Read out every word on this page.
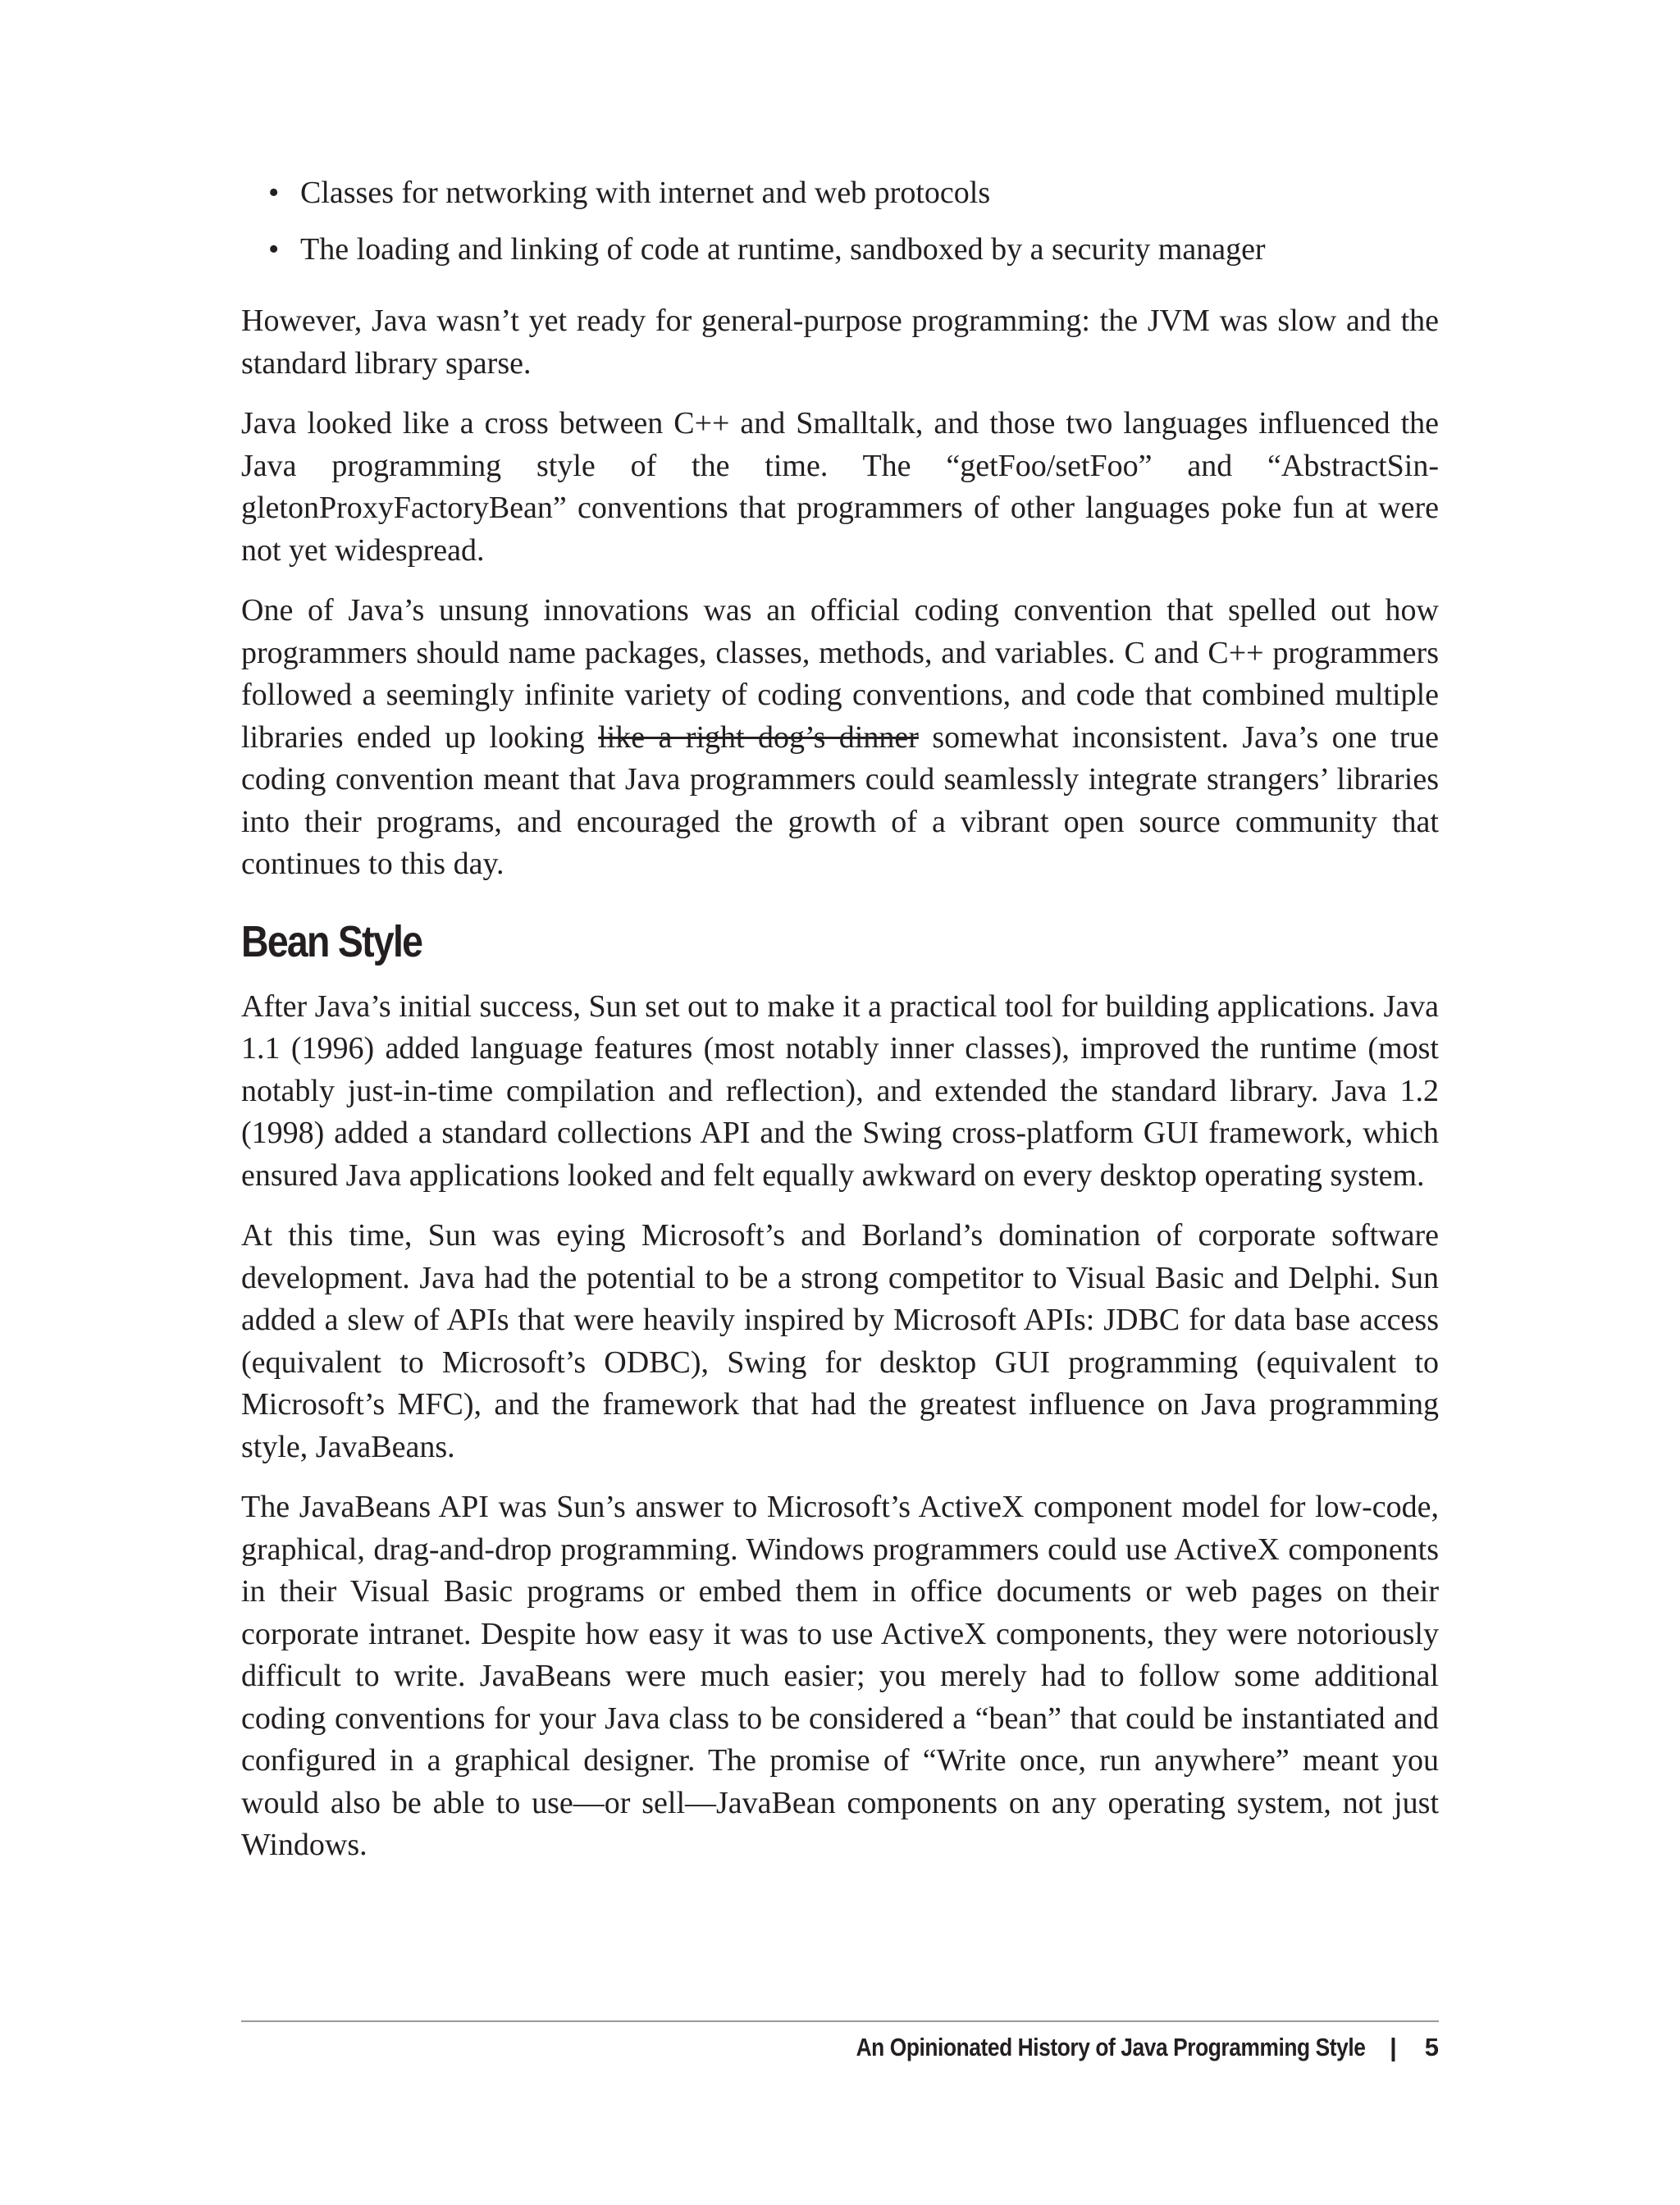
• Classes for networking with internet and web protocols
• The loading and linking of code at runtime, sandboxed by a security manager

However, Java wasn’t yet ready for general-purpose programming: the JVM was slow and the standard library sparse.

Java looked like a cross between C++ and Smalltalk, and those two languages influenced the Java programming style of the time. The “getFoo/setFoo” and “AbstractSingletonProxyFactoryBean” conventions that programmers of other languages poke fun at were not yet widespread.

One of Java’s unsung innovations was an official coding convention that spelled out how programmers should name packages, classes, methods, and variables. C and C++ programmers followed a seemingly infinite variety of coding conventions, and code that combined multiple libraries ended up looking like a right dog’s dinner somewhat inconsistent. Java’s one true coding convention meant that Java programmers could seamlessly integrate strangers’ libraries into their programs, and encouraged the growth of a vibrant open source community that continues to this day.

Bean Style

After Java’s initial success, Sun set out to make it a practical tool for building applications. Java 1.1 (1996) added language features (most notably inner classes), improved the runtime (most notably just-in-time compilation and reflection), and extended the standard library. Java 1.2 (1998) added a standard collections API and the Swing cross-platform GUI framework, which ensured Java applications looked and felt equally awkward on every desktop operating system.

At this time, Sun was eying Microsoft’s and Borland’s domination of corporate software development. Java had the potential to be a strong competitor to Visual Basic and Delphi. Sun added a slew of APIs that were heavily inspired by Microsoft APIs: JDBC for data base access (equivalent to Microsoft’s ODBC), Swing for desktop GUI programming (equivalent to Microsoft’s MFC), and the framework that had the greatest influence on Java programming style, JavaBeans.

The JavaBeans API was Sun’s answer to Microsoft’s ActiveX component model for low-code, graphical, drag-and-drop programming. Windows programmers could use ActiveX components in their Visual Basic programs or embed them in office documents or web pages on their corporate intranet. Despite how easy it was to use ActiveX components, they were notoriously difficult to write. JavaBeans were much easier; you merely had to follow some additional coding conventions for your Java class to be considered a “bean” that could be instantiated and configured in a graphical designer. The promise of “Write once, run anywhere” meant you would also be able to use—or sell—JavaBean components on any operating system, not just Windows.

An Opinionated History of Java Programming Style | 5
